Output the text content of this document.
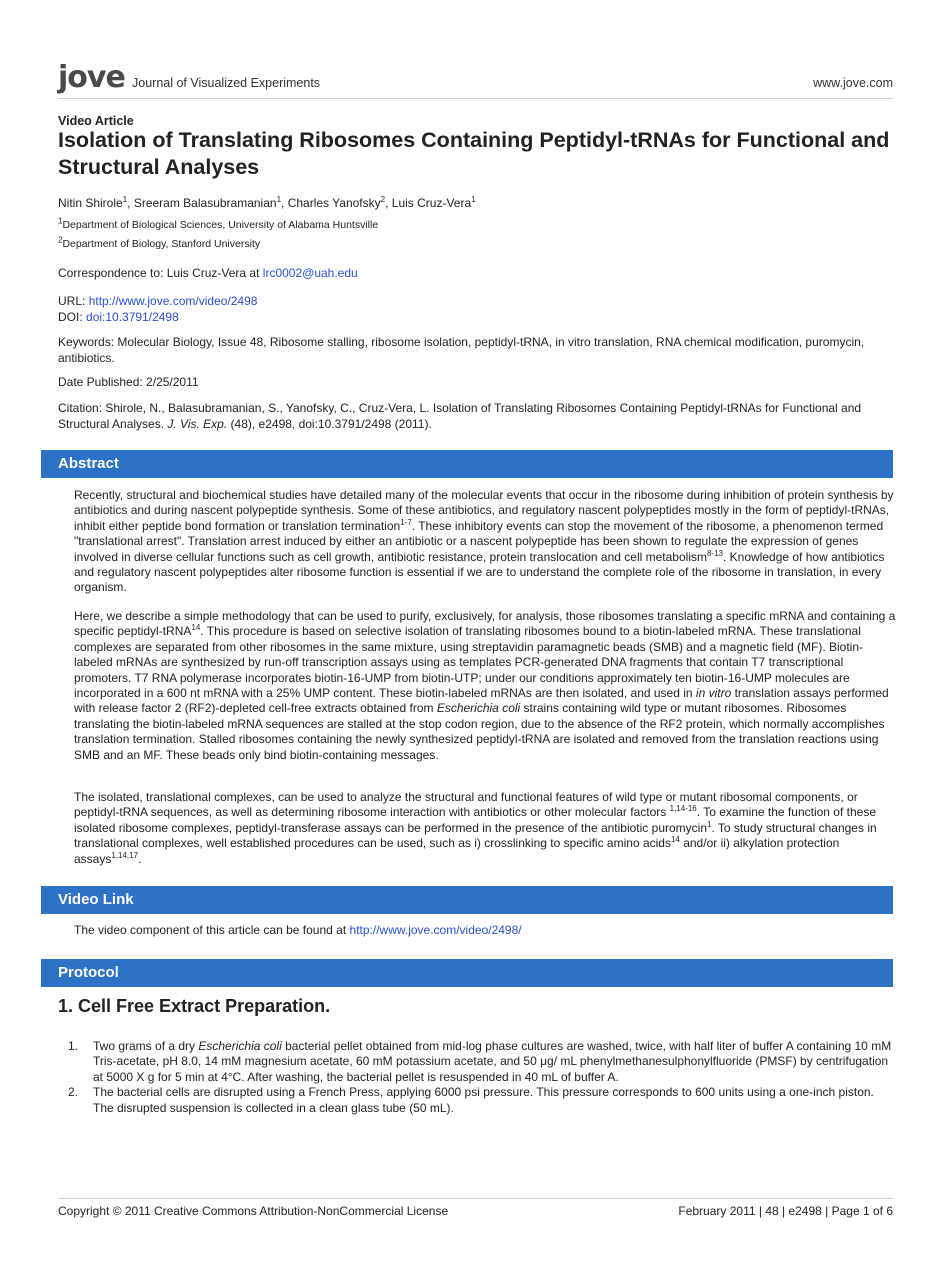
jove Journal of Visualized Experiments	www.jove.com
Video Article
Isolation of Translating Ribosomes Containing Peptidyl-tRNAs for Functional and Structural Analyses
Nitin Shirole$^1$, Sreeram Balasubramanian$^1$, Charles Yanofsky$^2$, Luis Cruz-Vera$^1$
$^1$Department of Biological Sciences, University of Alabama Huntsville
$^2$Department of Biology, Stanford University
Correspondence to: Luis Cruz-Vera at lrc0002@uah.edu
URL: http://www.jove.com/video/2498
DOI: doi:10.3791/2498
Keywords: Molecular Biology, Issue 48, Ribosome stalling, ribosome isolation, peptidyl-tRNA, in vitro translation, RNA chemical modification, puromycin, antibiotics.
Date Published: 2/25/2011
Citation: Shirole, N., Balasubramanian, S., Yanofsky, C., Cruz-Vera, L. Isolation of Translating Ribosomes Containing Peptidyl-tRNAs for Functional and Structural Analyses. J. Vis. Exp. (48), e2498, doi:10.3791/2498 (2011).
Abstract

Recently, structural and biochemical studies have detailed many of the molecular events that occur in the ribosome during inhibition of protein synthesis by antibiotics and during nascent polypeptide synthesis. Some of these antibiotics, and regulatory nascent polypeptides mostly in the form of peptidyl-tRNAs, inhibit either peptide bond formation or translation termination$^{1-7}$. These inhibitory events can stop the movement of the ribosome, a phenomenon termed "translational arrest". Translation arrest induced by either an antibiotic or a nascent polypeptide has been shown to regulate the expression of genes involved in diverse cellular functions such as cell growth, antibiotic resistance, protein translocation and cell metabolism$^{8-13}$. Knowledge of how antibiotics and regulatory nascent polypeptides alter ribosome function is essential if we are to understand the complete role of the ribosome in translation, in every organism.

Here, we describe a simple methodology that can be used to purify, exclusively, for analysis, those ribosomes translating a specific mRNA and containing a specific peptidyl-tRNA$^{14}$. This procedure is based on selective isolation of translating ribosomes bound to a biotin-labeled mRNA. These translational complexes are separated from other ribosomes in the same mixture, using streptavidin paramagnetic beads (SMB) and a magnetic field (MF). Biotin-labeled mRNAs are synthesized by run-off transcription assays using as templates PCR-generated DNA fragments that contain T7 transcriptional promoters. T7 RNA polymerase incorporates biotin-16-UMP from biotin-UTP; under our conditions approximately ten biotin-16-UMP molecules are incorporated in a 600 nt mRNA with a 25% UMP content. These biotin-labeled mRNAs are then isolated, and used in in vitro translation assays performed with release factor 2 (RF2)-depleted cell-free extracts obtained from Escherichia coli strains containing wild type or mutant ribosomes. Ribosomes translating the biotin-labeled mRNA sequences are stalled at the stop codon region, due to the absence of the RF2 protein, which normally accomplishes translation termination. Stalled ribosomes containing the newly synthesized peptidyl-tRNA are isolated and removed from the translation reactions using SMB and an MF. These beads only bind biotin-containing messages.

The isolated, translational complexes, can be used to analyze the structural and functional features of wild type or mutant ribosomal components, or peptidyl-tRNA sequences, as well as determining ribosome interaction with antibiotics or other molecular factors $^{1,14-16}$. To examine the function of these isolated ribosome complexes, peptidyl-transferase assays can be performed in the presence of the antibiotic puromycin$^1$. To study structural changes in translational complexes, well established procedures can be used, such as i) crosslinking to specific amino acids$^{14}$ and/or ii) alkylation protection assays$^{1,14,17}$.

Video Link
The video component of this article can be found at http://www.jove.com/video/2498/
Protocol
1. Cell Free Extract Preparation.
1. Two grams of a dry Escherichia coli bacterial pellet obtained from mid-log phase cultures are washed, twice, with half liter of buffer A containing 10 mM Tris-acetate, pH 8.0, 14 mM magnesium acetate, 60 mM potassium acetate, and 50 μg/ mL phenylmethanesulphonylfluoride (PMSF) by centrifugation at 5000 X g for 5 min at 4°C. After washing, the bacterial pellet is resuspended in 40 mL of buffer A.
2. The bacterial cells are disrupted using a French Press, applying 6000 psi pressure. This pressure corresponds to 600 units using a one-inch piston. The disrupted suspension is collected in a clean glass tube (50 mL).
Copyright © 2011 Creative Commons Attribution-NonCommercial License	February 2011 | 48 | e2498 | Page 1 of 6
